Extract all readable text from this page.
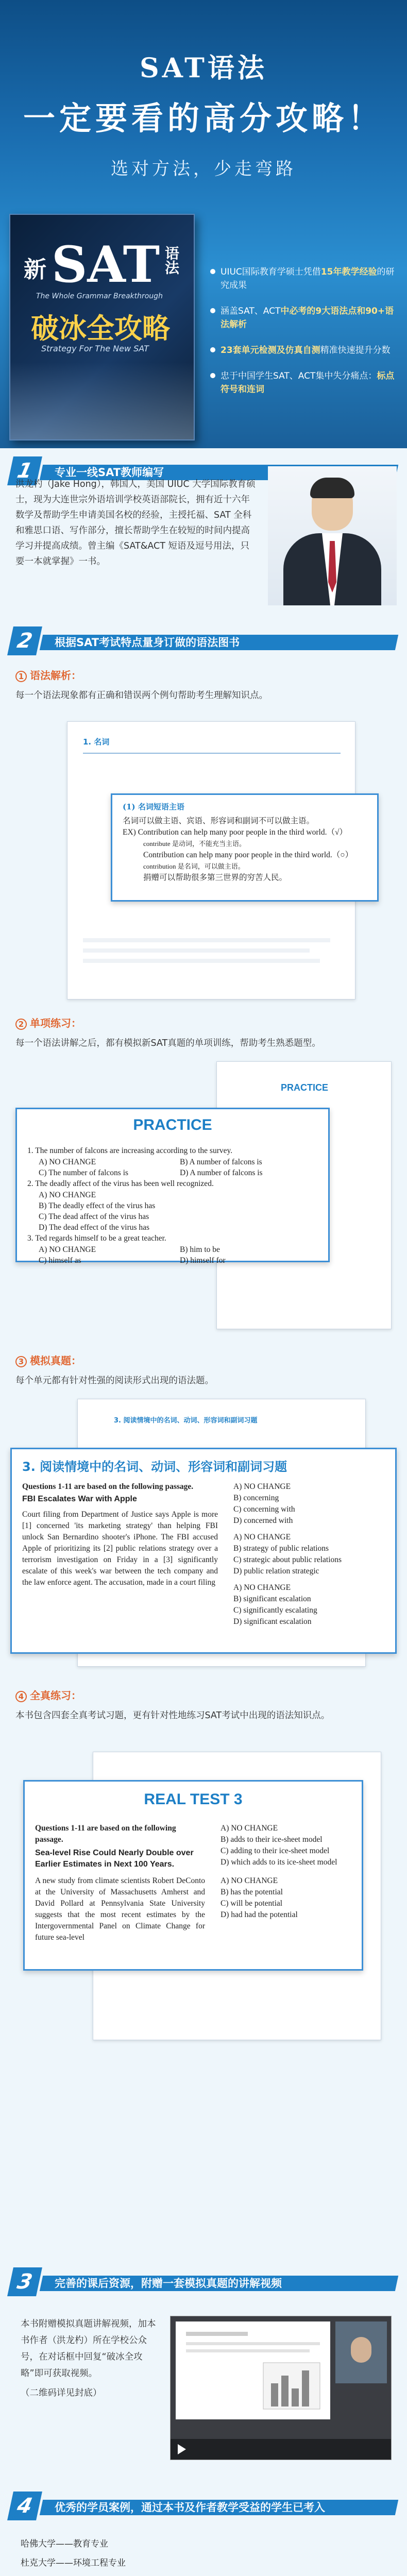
SAT语法
一定要看的高分攻略！
选对方法，少走弯路
SAT
新	语法
The Whole Grammar Breakthrough
破冰全攻略
Strategy For The New SAT
UIUC国际教育学硕士凭借15年教学经验的研究成果
涵盖SAT、ACT中必考的9大语法点和90+语法解析
23套单元检测及仿真自测精准快速提升分数
忠于中国学生SAT、ACT集中失分痛点：标点符号和连词
1	专业一线SAT教师编写
洪龙杓（Jake Hong），韩国人，美国 UIUC 大学国际教育硕士，现为大连世宗外语培训学校英语部院长，拥有近十六年数学及帮助学生申请美国名校的经验，主授托福、SAT 全科和雅思口语、写作部分，擅长帮助学生在较短的时间内提高学习并提高成绩。曾主编《SAT&ACT 短语及逗号用法，只要一本就掌握》一书。
2	根据SAT考试特点量身订做的语法图书
1 语法解析：
每一个语法现象都有正确和错误两个例句帮助考生理解知识点。
1. 名词
(1) 名词短语主语
名词可以做主语、宾语、形容词和副词不可以做主语。
EX) Contribution can help many poor people in the third world.（√）
contribute 是动词，不能充当主语。
Contribution can help many poor people in the third world.（○）
contribution 是名词，可以做主语。
捐赠可以帮助很多第三世界的穷苦人民。
2 单项练习：
每一个语法讲解之后，都有模拟新SAT真题的单项训练，帮助考生熟悉题型。
PRACTICE
PRACTICE
1. The number of falcons are increasing according to the survey.
A) NO CHANGE	B) A number of falcons is
C) The number of falcons is	D) A number of falcons is
2. The deadly affect of the virus has been well recognized.
A) NO CHANGE
B) The deadly effect of the virus has
C) The dead affect of the virus has
D) The dead effect of the virus has
3. Ted regards himself to be a great teacher.
A) NO CHANGE	B) him to be
C) himself as	D) himself for
3 模拟真题：
每个单元都有针对性强的阅读形式出现的语法题。
3. 阅读情境中的名词、动词、形容词和副词习题
3. 阅读情境中的名词、动词、形容词和副词习题
Questions 1-11 are based on the following passage.
FBI Escalates War with Apple
Court filing from Department of Justice says Apple is more [1] concerned 'its marketing strategy' than helping FBI unlock San Bernardino shooter's iPhone. The FBI accused Apple of prioritizing its [2] public relations strategy over a terrorism investigation on Friday in a [3] significantly escalate of this week's war between the tech company and the law enforce agent. The accusation, made in a court filing
A) NO CHANGE
B) concerning
C) concerning with
D) concerned with
A) NO CHANGE
B) strategy of public relations
C) strategic about public relations
D) public relation strategic
A) NO CHANGE
B) significant escalation
C) significantly escalating
D) significant escalation
4 全真练习：
本书包含四套全真考试习题，更有针对性地练习SAT考试中出现的语法知识点。
REAL TEST 3
Questions 1-11 are based on the following passage.
Sea-level Rise Could Nearly Double over Earlier Estimates in Next 100 Years.
A new study from climate scientists Robert DeConto at the University of Massachusetts Amherst and David Pollard at Pennsylvania State University suggests that the most recent estimates by the Intergovernmental Panel on Climate Change for future sea-level
A) NO CHANGE
B) adds to their ice-sheet model
C) adding to their ice-sheet model
D) which adds to its ice-sheet model
A) NO CHANGE
B) has the potential
C) will be potential
D) had had the potential
3	完善的课后资源，附赠一套模拟真题的讲解视频
本书附赠模拟真题讲解视频，加本书作者（洪龙杓）所在学校公众号，在对话框中回复“破冰全攻略”即可获取视频。
（二维码详见封底）
4	优秀的学员案例，通过本书及作者教学受益的学生已考入
哈佛大学——教育专业
杜克大学——环境工程专业
